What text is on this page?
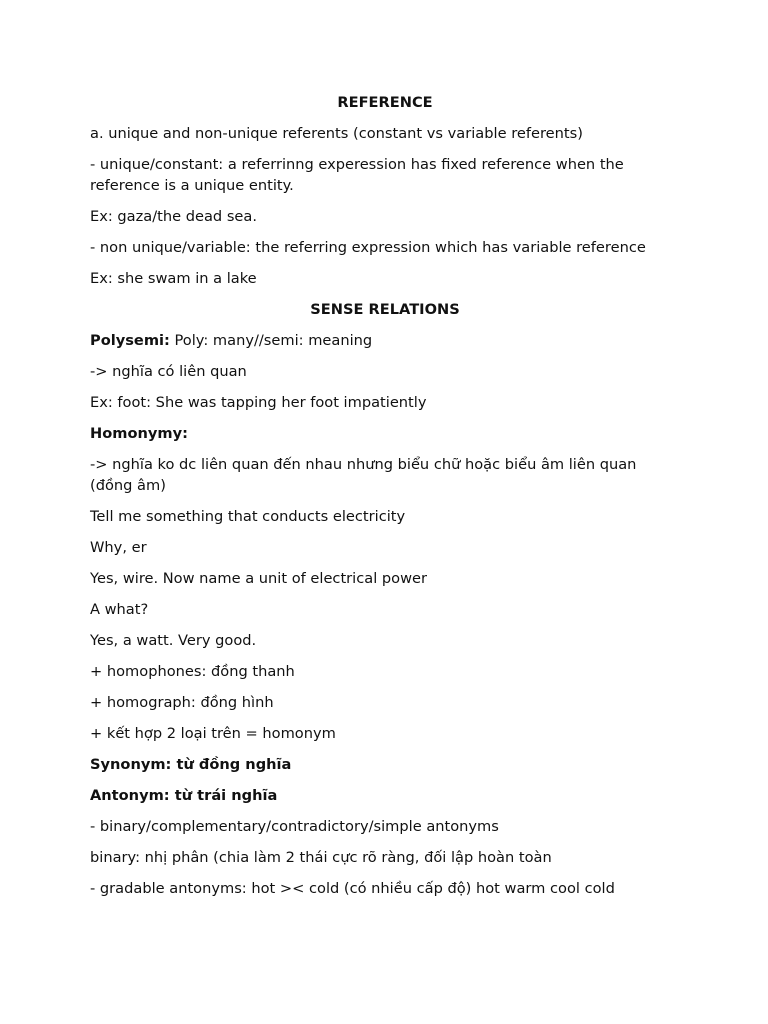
REFERENCE
a. unique and non-unique referents (constant vs variable referents)
- unique/constant: a referrinng experession has fixed reference when the reference is a unique entity.
Ex: gaza/the dead sea.
- non unique/variable: the referring expression which has variable reference
Ex: she swam in a lake
SENSE RELATIONS
Polysemi: Poly: many//semi: meaning
-> nghĩa có liên quan
Ex: foot: She was tapping her foot impatiently
Homonymy:
-> nghĩa ko dc liên quan đến nhau nhưng biểu chữ hoặc biểu âm liên quan (đồng âm)
Tell me something that conducts electricity
Why, er
Yes, wire. Now name a unit of electrical power
A what?
Yes, a watt. Very good.
+ homophones: đồng thanh
+ homograph: đồng hình
+ kết hợp 2 loại trên = homonym
Synonym: từ đồng nghĩa
Antonym: từ trái nghĩa
- binary/complementary/contradictory/simple antonyms
binary: nhị phân (chia làm 2 thái cực rõ ràng, đối lập hoàn toàn
- gradable antonyms: hot >< cold (có nhiều cấp độ) hot warm cool cold
